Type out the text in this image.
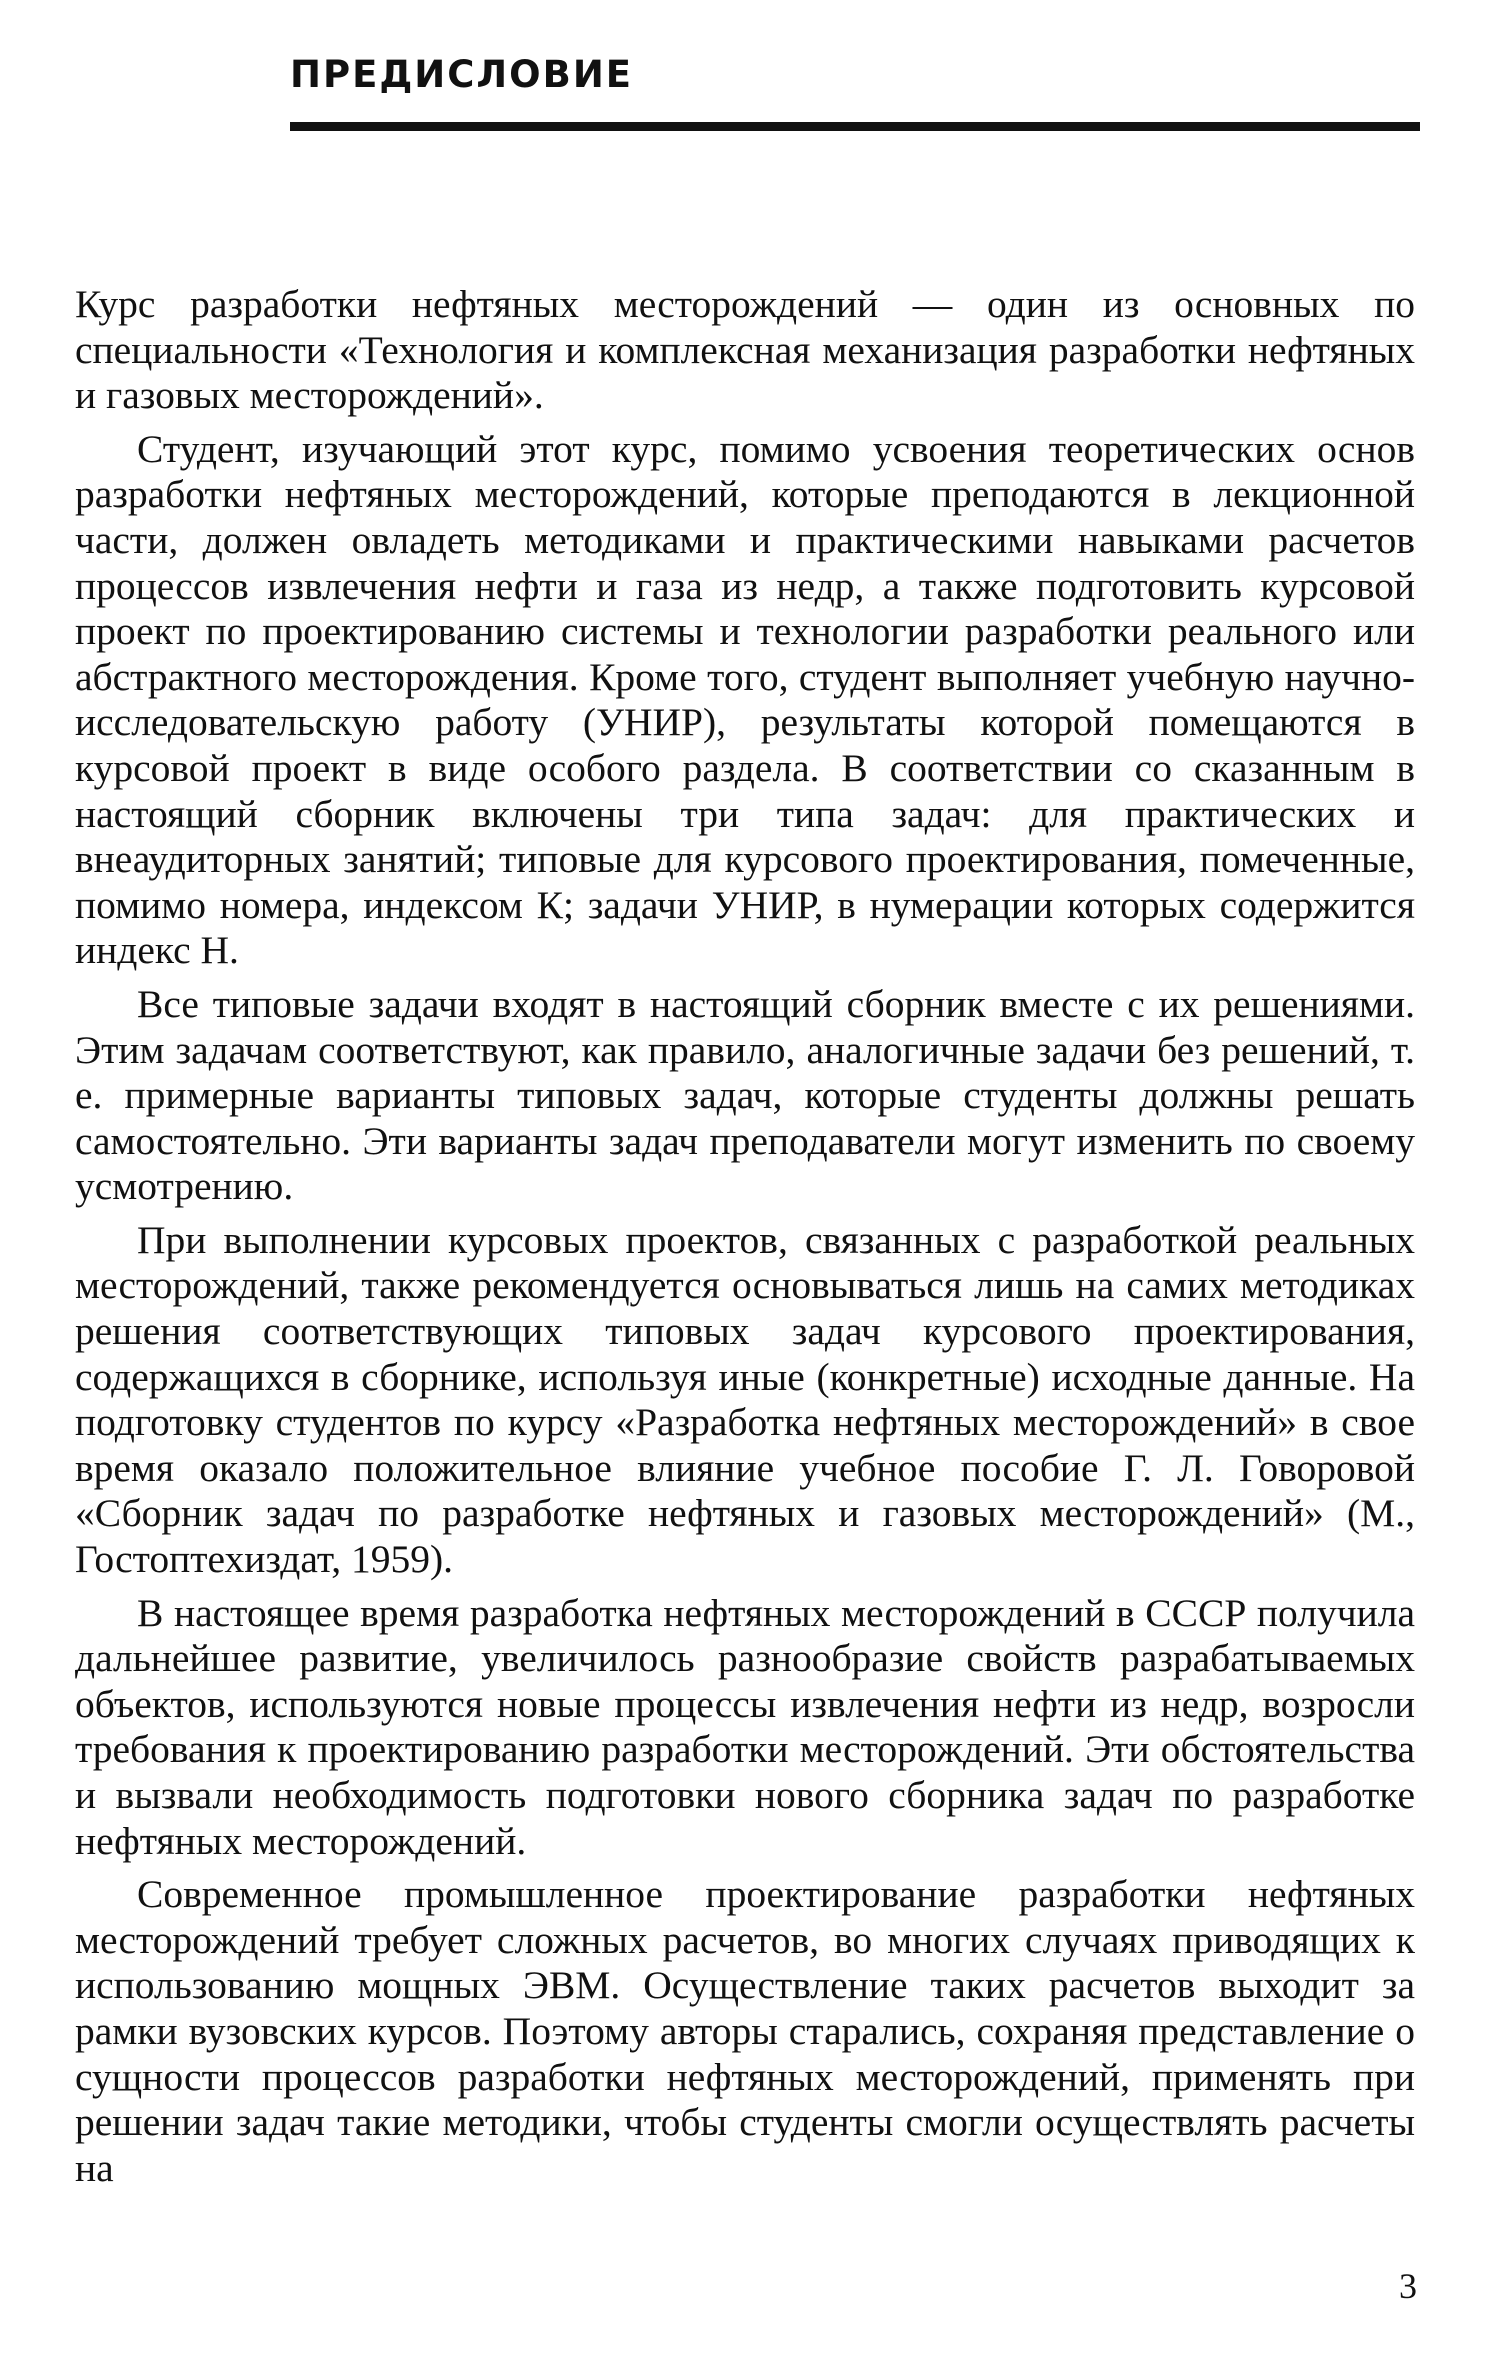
ПРЕДИСЛОВИЕ

Курс разработки нефтяных месторождений — один из основных по специальности «Технология и комплексная механизация разработки нефтяных и газовых месторождений».

Студент, изучающий этот курс, помимо усвоения теоретических основ разработки нефтяных месторождений, которые преподаются в лекционной части, должен овладеть методиками и практическими навыками расчетов процессов извлечения нефти и газа из недр, а также подготовить курсовой проект по проектированию системы и технологии разработки реального или абстрактного месторождения. Кроме того, студент выполняет учебную научно-исследовательскую работу (УНИР), результаты которой помещаются в курсовой проект в виде особого раздела. В соответствии со сказанным в настоящий сборник включены три типа задач: для практических и внеаудиторных занятий; типовые для курсового проектирования, помеченные, помимо номера, индексом К; задачи УНИР, в нумерации которых содержится индекс Н.

Все типовые задачи входят в настоящий сборник вместе с их решениями. Этим задачам соответствуют, как правило, аналогичные задачи без решений, т. е. примерные варианты типовых задач, которые студенты должны решать самостоятельно. Эти варианты задач преподаватели могут изменить по своему усмотрению.

При выполнении курсовых проектов, связанных с разработкой реальных месторождений, также рекомендуется основываться лишь на самих методиках решения соответствующих типовых задач курсового проектирования, содержащихся в сборнике, используя иные (конкретные) исходные данные. На подготовку студентов по курсу «Разработка нефтяных месторождений» в свое время оказало положительное влияние учебное пособие Г. Л. Говоровой «Сборник задач по разработке нефтяных и газовых месторождений» (М., Гостоптехиздат, 1959).

В настоящее время разработка нефтяных месторождений в СССР получила дальнейшее развитие, увеличилось разнообразие свойств разрабатываемых объектов, используются новые процессы извлечения нефти из недр, возросли требования к проектированию разработки месторождений. Эти обстоятельства и вызвали необходимость подготовки нового сборника задач по разработке нефтяных месторождений.

Современное промышленное проектирование разработки нефтяных месторождений требует сложных расчетов, во многих случаях приводящих к использованию мощных ЭВМ. Осуществление таких расчетов выходит за рамки вузовских курсов. Поэтому авторы старались, сохраняя представление о сущности процессов разработки нефтяных месторождений, применять при решении задач такие методики, чтобы студенты смогли осуществлять расчеты на

3
